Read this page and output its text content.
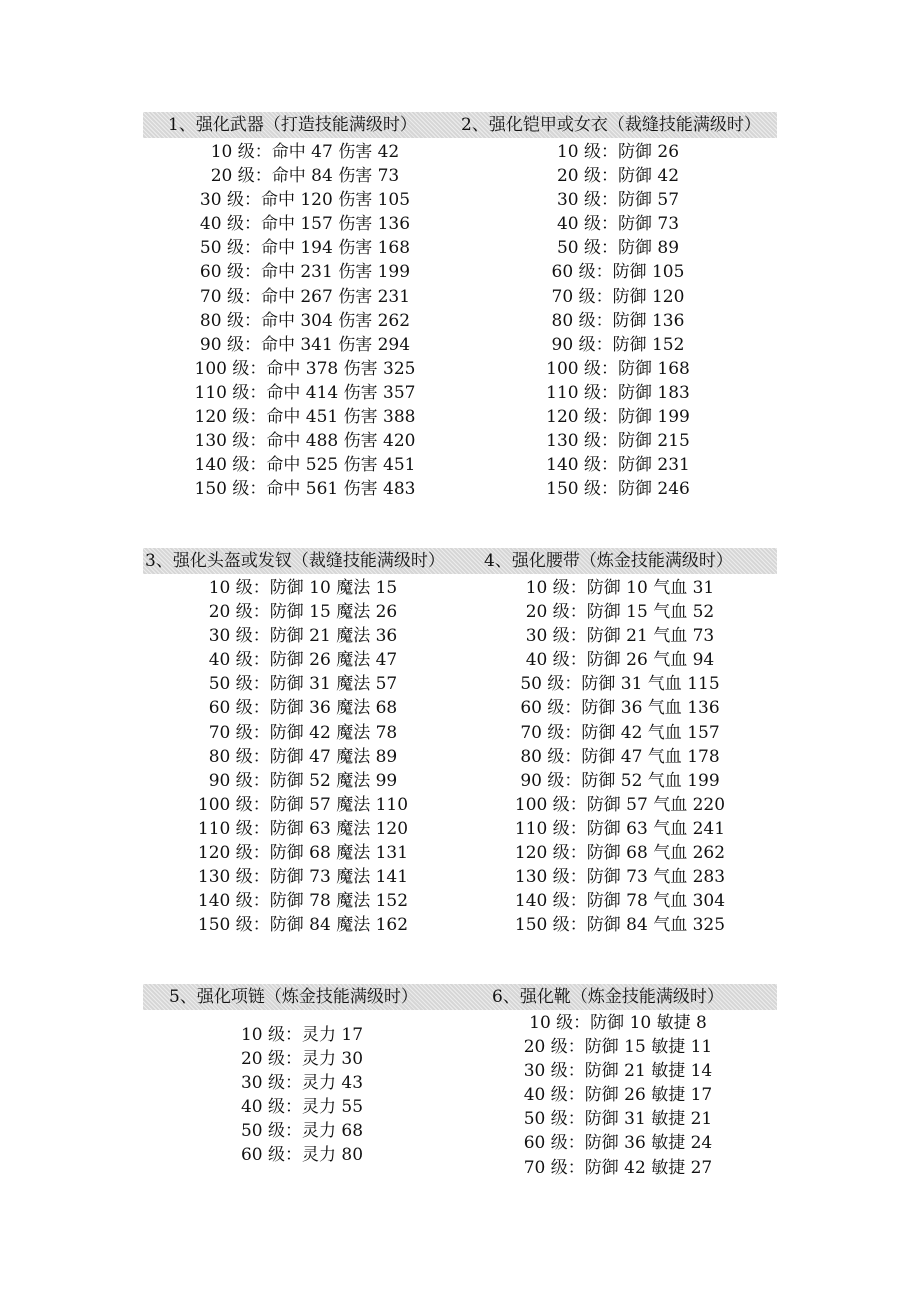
1、强化武器（打造技能满级时）	2、强化铠甲或女衣（裁缝技能满级时）
10 级：命中 47 伤害 42
20 级：命中 84 伤害 73
30 级：命中 120 伤害 105
40 级：命中 157 伤害 136
50 级：命中 194 伤害 168
60 级：命中 231 伤害 199
70 级：命中 267 伤害 231
80 级：命中 304 伤害 262
90 级：命中 341 伤害 294
100 级：命中 378 伤害 325
110 级：命中 414 伤害 357
120 级：命中 451 伤害 388
130 级：命中 488 伤害 420
140 级：命中 525 伤害 451
150 级：命中 561 伤害 483
10 级：防御 26
20 级：防御 42
30 级：防御 57
40 级：防御 73
50 级：防御 89
60 级：防御 105
70 级：防御 120
80 级：防御 136
90 级：防御 152
100 级：防御 168
110 级：防御 183
120 级：防御 199
130 级：防御 215
140 级：防御 231
150 级：防御 246
3、强化头盔或发钗（裁缝技能满级时） 4、强化腰带（炼金技能满级时）
10 级：防御 10 魔法 15
20 级：防御 15 魔法 26
30 级：防御 21 魔法 36
40 级：防御 26 魔法 47
50 级：防御 31 魔法 57
60 级：防御 36 魔法 68
70 级：防御 42 魔法 78
80 级：防御 47 魔法 89
90 级：防御 52 魔法 99
100 级：防御 57 魔法 110
110 级：防御 63 魔法 120
120 级：防御 68 魔法 131
130 级：防御 73 魔法 141
140 级：防御 78 魔法 152
150 级：防御 84 魔法 162
10 级：防御 10 气血 31
20 级：防御 15 气血 52
30 级：防御 21 气血 73
40 级：防御 26 气血 94
50 级：防御 31 气血 115
60 级：防御 36 气血 136
70 级：防御 42 气血 157
80 级：防御 47 气血 178
90 级：防御 52 气血 199
100 级：防御 57 气血 220
110 级：防御 63 气血 241
120 级：防御 68 气血 262
130 级：防御 73 气血 283
140 级：防御 78 气血 304
150 级：防御 84 气血 325
5、强化项链（炼金技能满级时）	6、强化靴（炼金技能满级时）
10 级：灵力 17
20 级：灵力 30
30 级：灵力 43
40 级：灵力 55
50 级：灵力 68
60 级：灵力 80
10 级：防御 10 敏捷 8
20 级：防御 15 敏捷 11
30 级：防御 21 敏捷 14
40 级：防御 26 敏捷 17
50 级：防御 31 敏捷 21
60 级：防御 36 敏捷 24
70 级：防御 42 敏捷 27
